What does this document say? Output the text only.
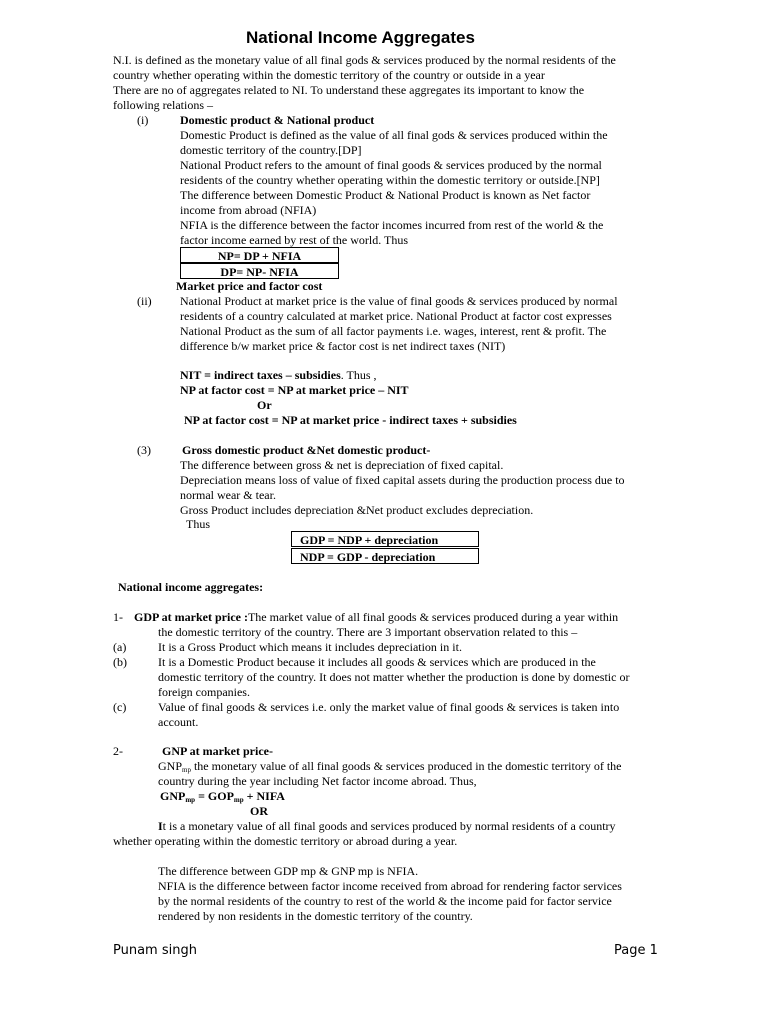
National Income Aggregates
N.I. is defined as the monetary value of all final gods & services produced by the normal residents of the
country whether operating within the domestic territory of the country or outside in a year
There are no of aggregates related to NI. To understand these aggregates its important to know the
following relations –
(i)	Domestic product & National product
Domestic Product is defined as the value of all final gods & services produced within the
domestic territory of the country.[DP]
National Product refers to the amount of final goods & services produced by the normal
residents of the country whether operating within the domestic territory or outside.[NP]
The difference between Domestic Product & National Product is known as Net factor
income from abroad (NFIA)
NFIA is the difference between the factor incomes incurred from rest of the world & the
factor income earned by rest of the world. Thus
NP= DP + NFIA
DP= NP- NFIA
Market price and factor cost
(ii) National Product at market price is the value of final goods & services produced by normal
residents of a country calculated at market price. National Product at factor cost expresses
National Product as the sum of all factor payments i.e. wages, interest, rent & profit. The
difference b/w market price & factor cost is net indirect taxes (NIT)
NIT = indirect taxes – subsidies. Thus ,
NP at factor cost = NP at market price – NIT
Or
NP at factor cost = NP at market price - indirect taxes + subsidies
(3)	Gross domestic product &Net domestic product-
The difference between gross & net is depreciation of fixed capital.
Depreciation means loss of value of fixed capital assets during the production process due to
normal wear & tear.
Gross Product includes depreciation &Net product excludes depreciation.
Thus
GDP = NDP + depreciation
NDP = GDP - depreciation
National income aggregates:
1- GDP at market price :The market value of all final goods & services produced during a year within
the domestic territory of the country. There are 3 important observation related to this –
(a)	It is a Gross Product which means it includes depreciation in it.
(b)	It is a Domestic Product because it includes all goods & services which are produced in the
domestic territory of the country. It does not matter whether the production is done by domestic or
foreign companies.
(c)	Value of final goods & services i.e. only the market value of final goods & services is taken into
account.
2-	GNP at market price-
$GNP_{mp}$ the monetary value of all final goods & services produced in the domestic territory of the
country during the year including Net factor income abroad. Thus,
$GNP_{mp} = GOP_{mp}$ + NIFA
OR
It is a monetary value of all final goods and services produced by normal residents of a country
whether operating within the domestic territory or abroad during a year.
The difference between GDP mp & GNP mp is NFIA.
NFIA is the difference between factor income received from abroad for rendering factor services
by the normal residents of the country to rest of the world & the income paid for factor service
rendered by non residents in the domestic territory of the country.
Punam singh	Page 1
